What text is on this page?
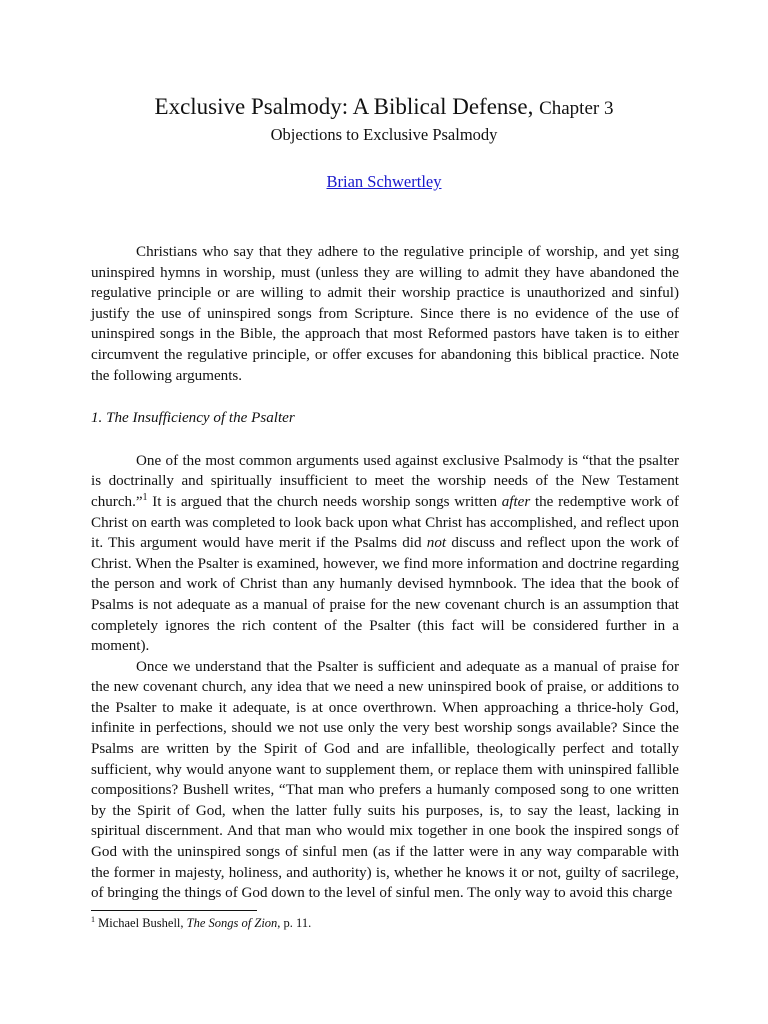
Exclusive Psalmody: A Biblical Defense, Chapter 3
Objections to Exclusive Psalmody
Brian Schwertley

Christians who say that they adhere to the regulative principle of worship, and yet sing uninspired hymns in worship, must (unless they are willing to admit they have abandoned the regulative principle or are willing to admit their worship practice is unauthorized and sinful) justify the use of uninspired songs from Scripture. Since there is no evidence of the use of uninspired songs in the Bible, the approach that most Reformed pastors have taken is to either circumvent the regulative principle, or offer excuses for abandoning this biblical practice. Note the following arguments.

1. The Insufficiency of the Psalter

One of the most common arguments used against exclusive Psalmody is “that the psalter is doctrinally and spiritually insufficient to meet the worship needs of the New Testament church.”$^1$ It is argued that the church needs worship songs written after the redemptive work of Christ on earth was completed to look back upon what Christ has accomplished, and reflect upon it. This argument would have merit if the Psalms did not discuss and reflect upon the work of Christ. When the Psalter is examined, however, we find more information and doctrine regarding the person and work of Christ than any humanly devised hymnbook. The idea that the book of Psalms is not adequate as a manual of praise for the new covenant church is an assumption that completely ignores the rich content of the Psalter (this fact will be considered further in a moment).

Once we understand that the Psalter is sufficient and adequate as a manual of praise for the new covenant church, any idea that we need a new uninspired book of praise, or additions to the Psalter to make it adequate, is at once overthrown. When approaching a thrice-holy God, infinite in perfections, should we not use only the very best worship songs available? Since the Psalms are written by the Spirit of God and are infallible, theologically perfect and totally sufficient, why would anyone want to supplement them, or replace them with uninspired fallible compositions? Bushell writes, “That man who prefers a humanly composed song to one written by the Spirit of God, when the latter fully suits his purposes, is, to say the least, lacking in spiritual discernment. And that man who would mix together in one book the inspired songs of God with the uninspired songs of sinful men (as if the latter were in any way comparable with the former in majesty, holiness, and authority) is, whether he knows it or not, guilty of sacrilege, of bringing the things of God down to the level of sinful men. The only way to avoid this charge

$^1$ Michael Bushell, The Songs of Zion, p. 11.
